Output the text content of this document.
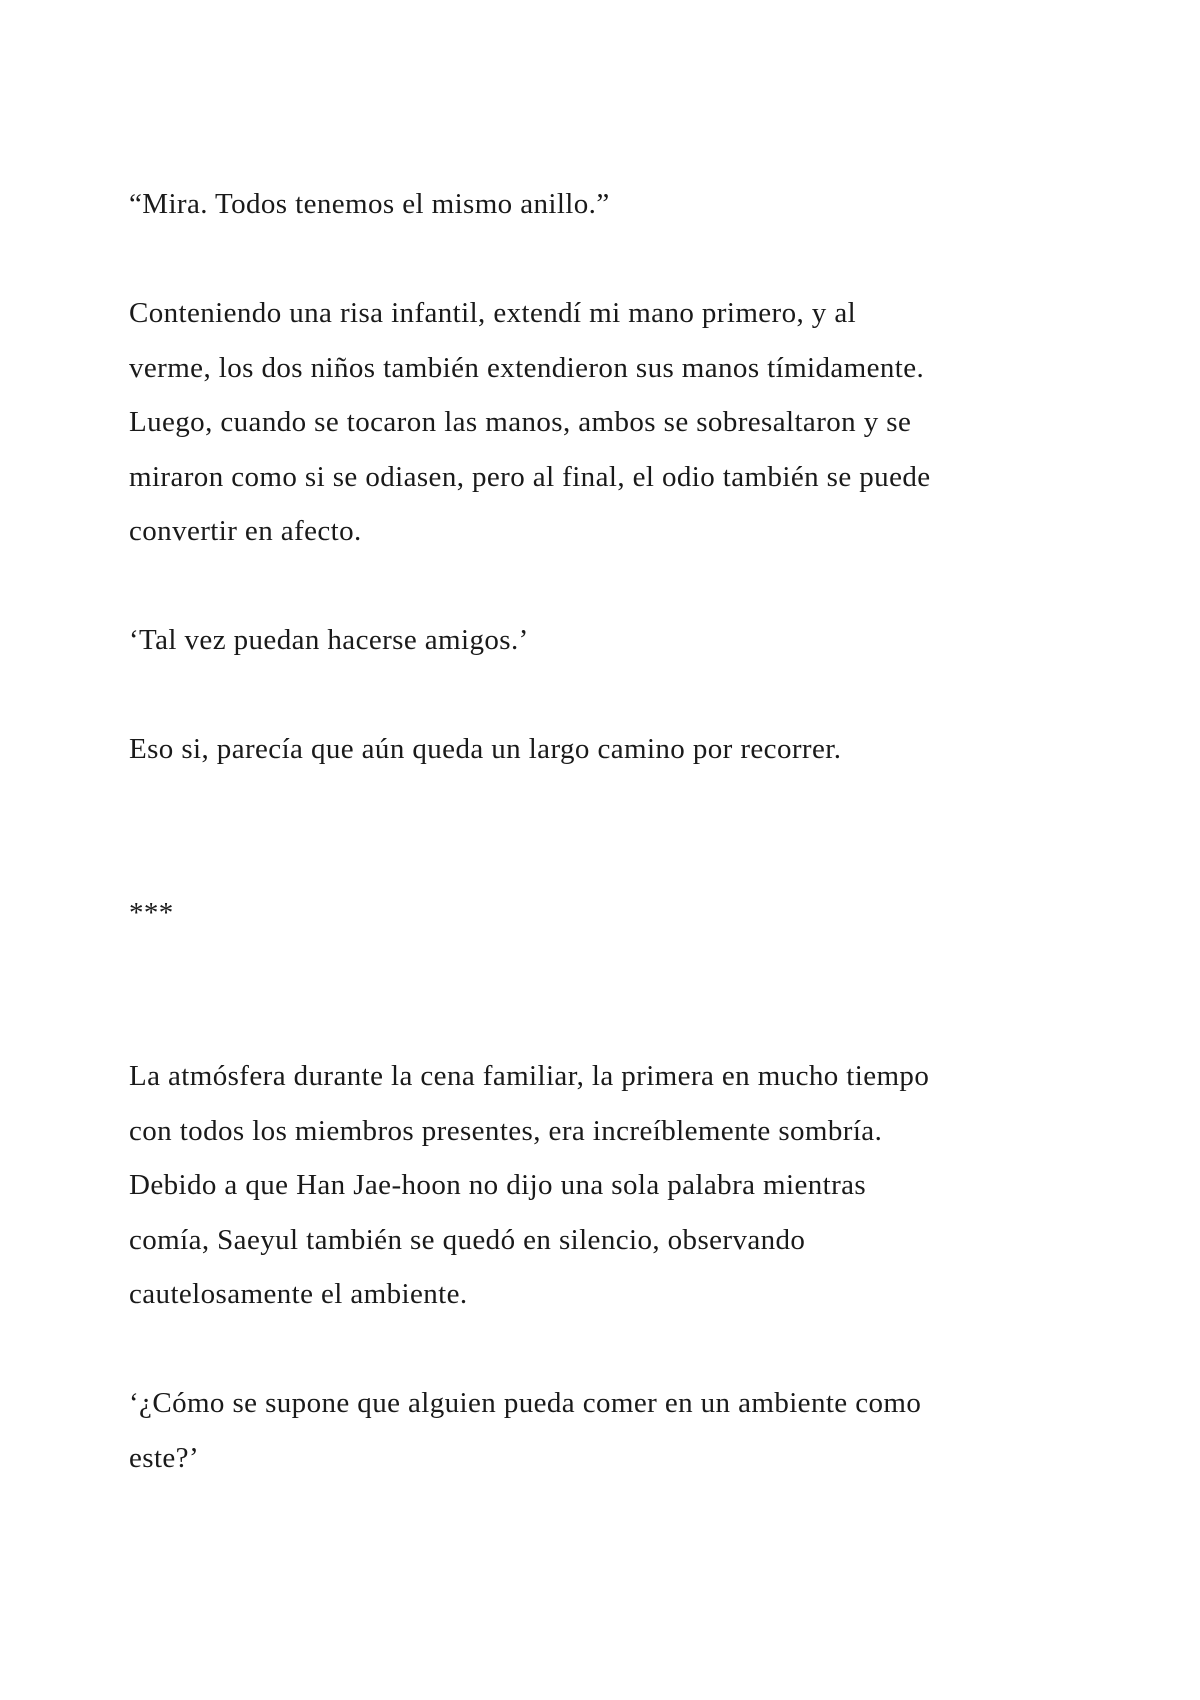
“Mira. Todos tenemos el mismo anillo.”
Conteniendo una risa infantil, extendí mi mano primero, y al
verme, los dos niños también extendieron sus manos tímidamente.
Luego, cuando se tocaron las manos, ambos se sobresaltaron y se
miraron como si se odiasen, pero al final, el odio también se puede
convertir en afecto.
‘Tal vez puedan hacerse amigos.’
Eso si, parecía que aún queda un largo camino por recorrer.
***
La atmósfera durante la cena familiar, la primera en mucho tiempo
con todos los miembros presentes, era increíblemente sombría.
Debido a que Han Jae-hoon no dijo una sola palabra mientras
comía, Saeyul también se quedó en silencio, observando
cautelosamente el ambiente.
‘¿Cómo se supone que alguien pueda comer en un ambiente como
este?’
